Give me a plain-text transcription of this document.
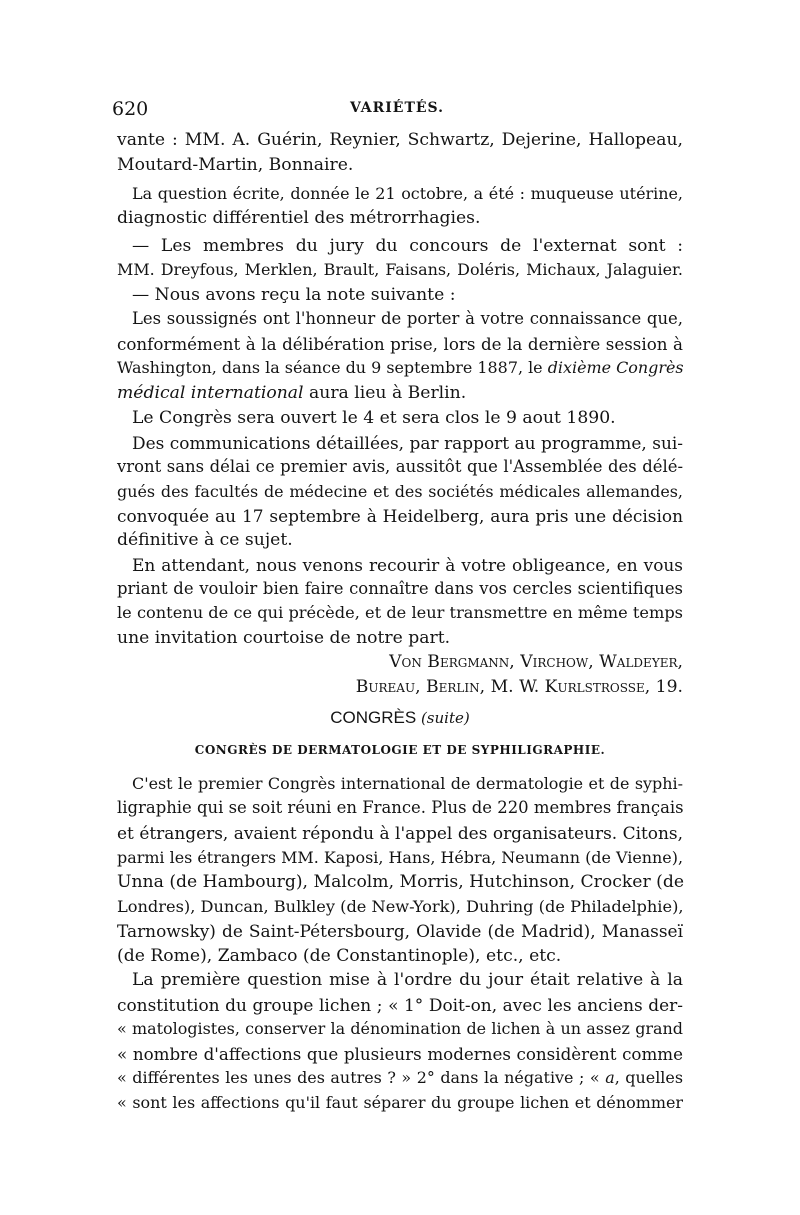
620	VARIÉTÉS.
vante : MM. A. Guérin, Reynier, Schwartz, Dejerine, Hallopeau,
Moutard-Martin, Bonnaire.
La question écrite, donnée le 21 octobre, a été : muqueuse utérine,
diagnostic différentiel des métrorrhagies.
— Les membres du jury du concours de l'externat sont :
MM. Dreyfous, Merklen, Brault, Faisans, Doléris, Michaux, Jalaguier.
— Nous avons reçu la note suivante :
Les soussignés ont l'honneur de porter à votre connaissance que,
conformément à la délibération prise, lors de la dernière session à
Washington, dans la séance du 9 septembre 1887, le dixième Congrès
médical international aura lieu à Berlin.
Le Congrès sera ouvert le 4 et sera clos le 9 aout 1890.
Des communications détaillées, par rapport au programme, sui-
vront sans délai ce premier avis, aussitôt que l'Assemblée des délé-
gués des facultés de médecine et des sociétés médicales allemandes,
convoquée au 17 septembre à Heidelberg, aura pris une décision
définitive à ce sujet.
En attendant, nous venons recourir à votre obligeance, en vous
priant de vouloir bien faire connaître dans vos cercles scientifiques
le contenu de ce qui précède, et de leur transmettre en même temps
une invitation courtoise de notre part.
Von Bergmann, Virchow, Waldeyer,
Bureau, Berlin, M. W. Kurlstrosse, 19.
CONGRÈS (suite)
CONGRÈS DE DERMATOLOGIE ET DE SYPHILIGRAPHIE.
C'est le premier Congrès international de dermatologie et de syphi-
ligraphie qui se soit réuni en France. Plus de 220 membres français
et étrangers, avaient répondu à l'appel des organisateurs. Citons,
parmi les étrangers MM. Kaposi, Hans, Hébra, Neumann (de Vienne),
Unna (de Hambourg), Malcolm, Morris, Hutchinson, Crocker (de
Londres), Duncan, Bulkley (de New-York), Duhring (de Philadelphie),
Tarnowsky) de Saint-Pétersbourg, Olavide (de Madrid), Manasseï
(de Rome), Zambaco (de Constantinople), etc., etc.
La première question mise à l'ordre du jour était relative à la
constitution du groupe lichen ; « 1° Doit-on, avec les anciens der-
« matologistes, conserver la dénomination de lichen à un assez grand
« nombre d'affections que plusieurs modernes considèrent comme
« différentes les unes des autres ? » 2° dans la négative ; « a, quelles
« sont les affections qu'il faut séparer du groupe lichen et dénommer
